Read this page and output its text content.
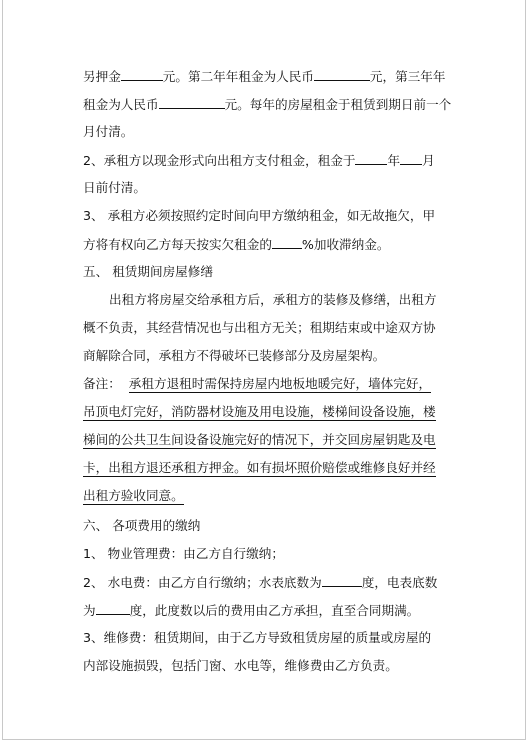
另押金	元。第二年年租金为人民币	元，第三年年
租金为人民币	元。每年的房屋租金于租赁到期日前一个
月付清。
2、承租方以现金形式向出租方支付租金，租金于	年 月
日前付清。
3、 承租方必须按照约定时间向甲方缴纳租金，如无故拖欠，甲
方将有权向乙方每天按实欠租金的 %加收滞纳金。
五、 租赁期间房屋修缮
出租方将房屋交给承租方后，承租方的装修及修缮，出租方
概不负责，其经营情况也与出租方无关；租期结束或中途双方协
商解除合同，承租方不得破坏已装修部分及房屋架构。
备注： 承租方退租时需保持房屋内地板地暖完好，墙体完好，
吊顶电灯完好，消防器材设施及用电设施，楼梯间设备设施，楼
梯间的公共卫生间设备设施完好的情况下，并交回房屋钥匙及电
卡，出租方退还承租方押金。如有损坏照价赔偿或维修良好并经
出租方验收同意。
六、 各项费用的缴纳
1、 物业管理费：由乙方自行缴纳；
2、 水电费：由乙方自行缴纳；水表底数为	度，电表底数
为	度，此度数以后的费用由乙方承担，直至合同期满。
3、维修费：租赁期间，由于乙方导致租赁房屋的质量或房屋的
内部设施损毁，包括门窗、水电等，维修费由乙方负责。
